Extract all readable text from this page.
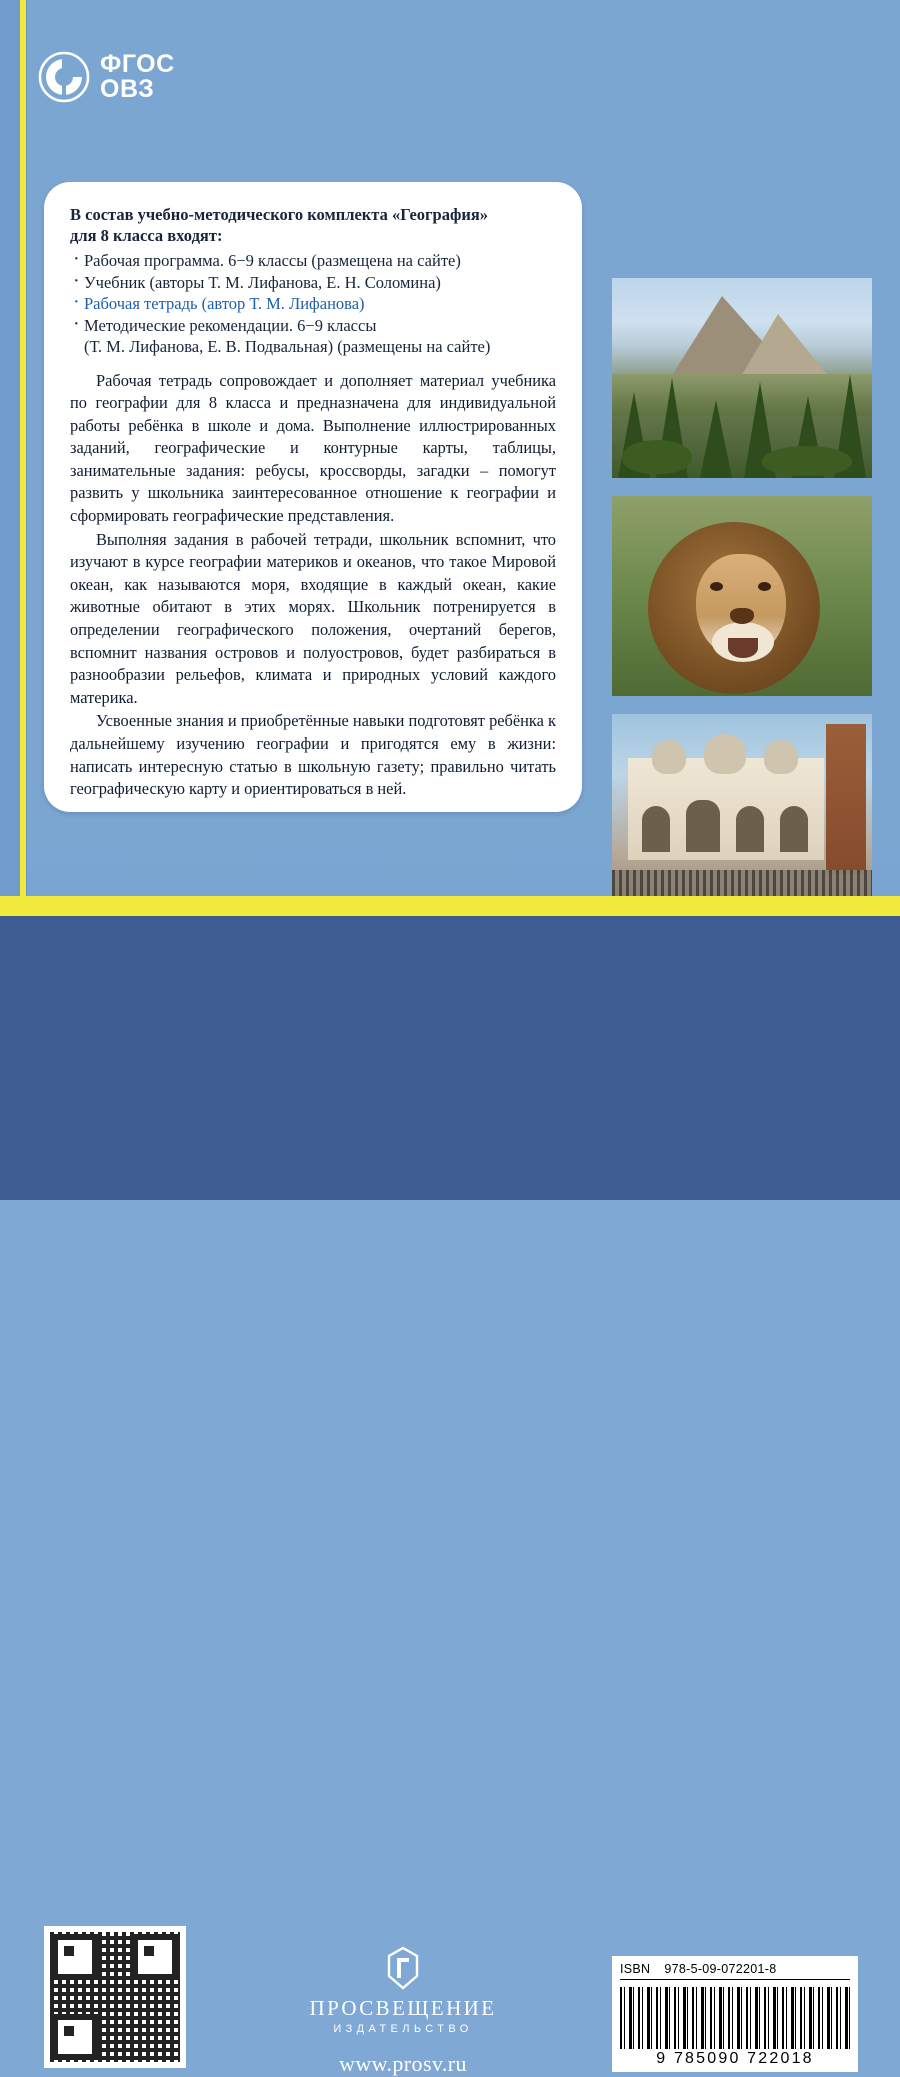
ФГОС
ОВЗ
В состав учебно-методического комплекта «География»
для 8 класса входят:
· Рабочая программа. 6−9 классы (размещена на сайте)
· Учебник (авторы Т. М. Лифанова, Е. Н. Соломина)
· Рабочая тетрадь (автор Т. М. Лифанова)
· Методические рекомендации. 6−9 классы
(Т. М. Лифанова, Е. В. Подвальная) (размещены на сайте)

Рабочая тетрадь сопровождает и дополняет материал учебника по географии для 8 класса и предназначена для индивидуальной работы ребёнка в школе и дома. Выполнение иллюстрированных заданий, географические и контурные карты, таблицы, занимательные задания: ребусы, кроссворды, загадки – помогут развить у школьника заинтересованное отношение к географии и сформировать географические представления.

Выполняя задания в рабочей тетради, школьник вспомнит, что изучают в курсе географии материков и океанов, что такое Мировой океан, как называются моря, входящие в каждый океан, какие животные обитают в этих морях. Школьник потренируется в определении географического положения, очертаний берегов, вспомнит названия островов и полуостровов, будет разбираться в разнообразии рельефов, климата и природных условий каждого материка.

Усвоенные знания и приобретённые навыки подготовят ребёнка к дальнейшему изучению географии и пригодятся ему в жизни: написать интересную статью в школьную газету; правильно читать географическую карту и ориентироваться в ней.

ПРОСВЕЩЕНИЕ
ИЗДАТЕЛЬСТВО
www.prosv.ru
ISBN 978-5-09-072201-8
9 785090 722018
